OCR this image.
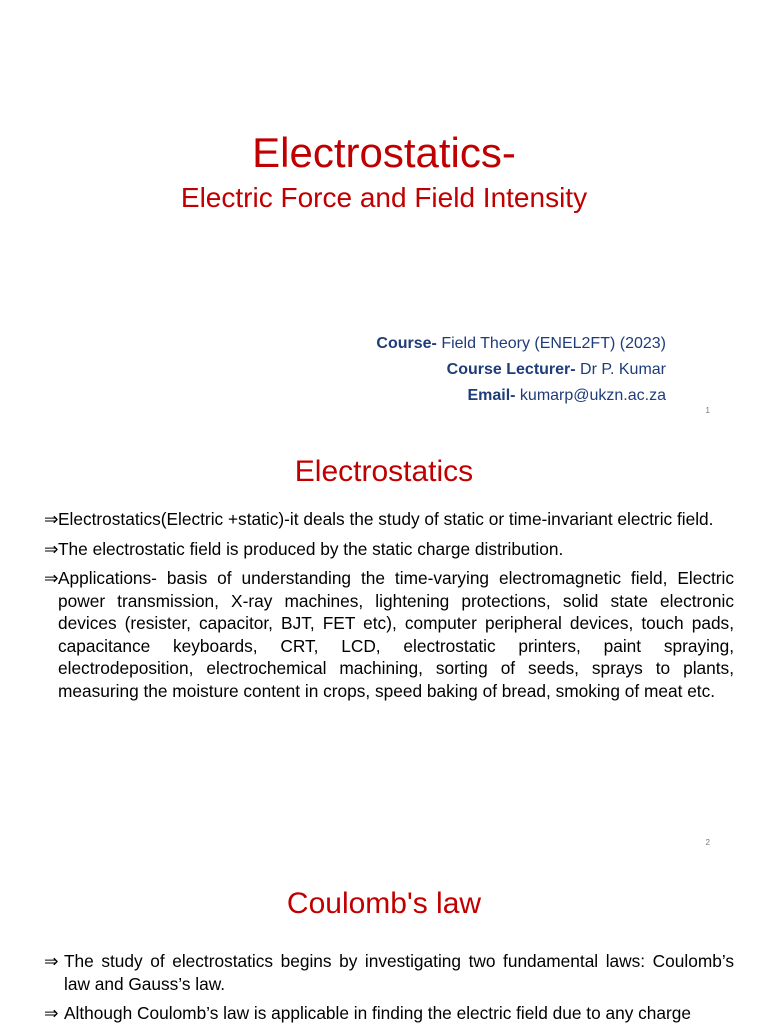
Electrostatics-
Electric Force and Field Intensity
Course- Field Theory (ENEL2FT) (2023)
Course Lecturer- Dr P. Kumar
Email- kumarp@ukzn.ac.za
1
Electrostatics
⇒ Electrostatics(Electric +static)-it deals the study of static or time-invariant electric field.
⇒ The electrostatic field is produced by the static charge distribution.
⇒ Applications- basis of understanding the time-varying electromagnetic field, Electric power transmission, X-ray machines, lightening protections, solid state electronic devices (resister, capacitor, BJT, FET etc), computer peripheral devices, touch pads, capacitance keyboards, CRT, LCD, electrostatic printers, paint spraying, electrodeposition, electrochemical machining, sorting of seeds, sprays to plants, measuring the moisture content in crops, speed baking of bread, smoking of meat etc.
2
Coulomb's law
⇒ The study of electrostatics begins by investigating two fundamental laws: Coulomb’s law and Gauss’s law.
⇒ Although Coulomb’s law is applicable in finding the electric field due to any charge
